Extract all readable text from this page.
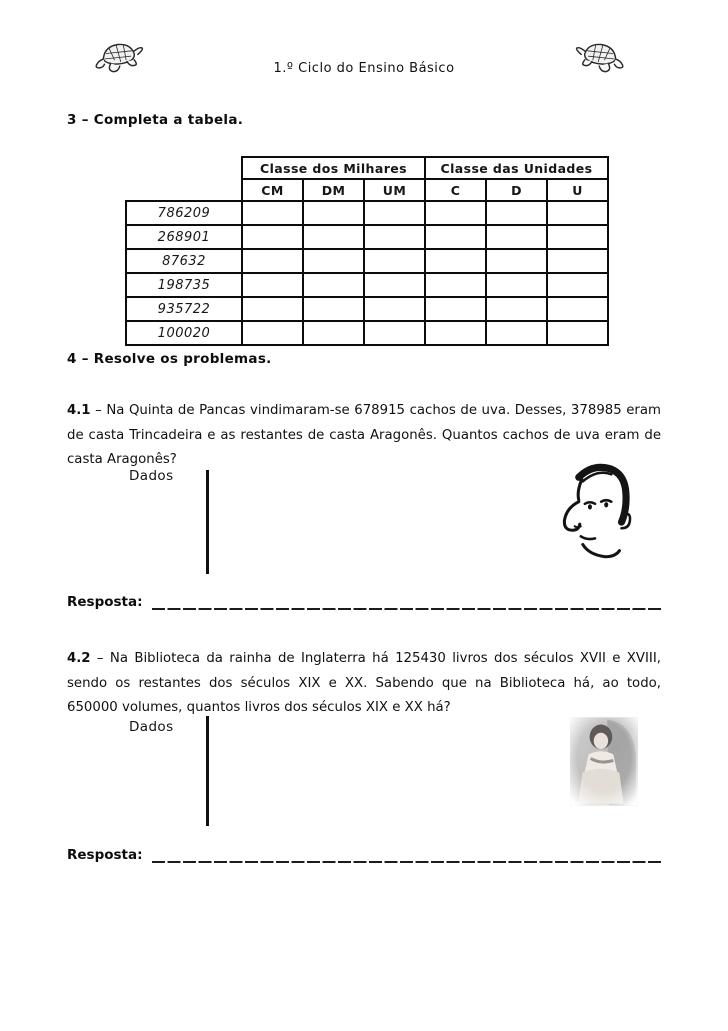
1.º Ciclo do Ensino Básico
3 – Completa a tabela.
	Classe dos Milhares			Classe das Unidades		
	CM	DM	UM	C	D	U
786209						
268901						
87632						
198735						
935722						
100020						
4 – Resolve os problemas.

4.1 – Na Quinta de Pancas vindimaram-se 678915 cachos de uva. Desses, 378985 eram de casta Trincadeira e as restantes de casta Aragonês. Quantos cachos de uva eram de casta Aragonês?

Dados
Resposta:

4.2 – Na Biblioteca da rainha de Inglaterra há 125430 livros dos séculos XVII e XVIII, sendo os restantes dos séculos XIX e XX. Sabendo que na Biblioteca há, ao todo, 650000 volumes, quantos livros dos séculos XIX e XX há?

Dados
Resposta:
